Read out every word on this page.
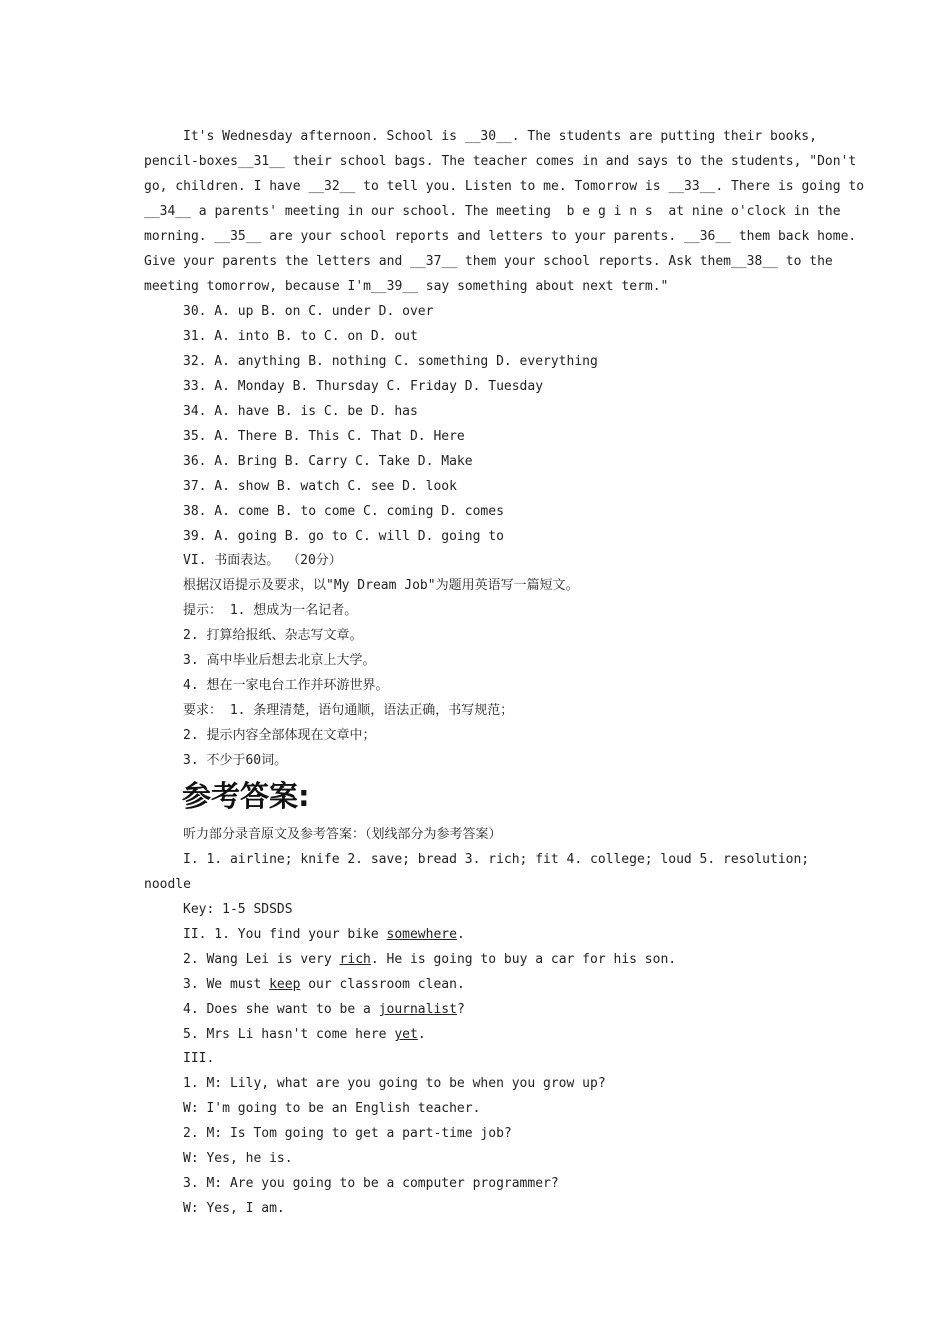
It's Wednesday afternoon. School is __30__. The students are putting their books,
pencil-boxes__31__ their school bags. The teacher comes in and says to the students, "Don't
go, children. I have __32__ to tell you. Listen to me. Tomorrow is __33__. There is going to
__34__ a parents' meeting in our school. The meeting  b e g i n s  at nine o'clock in the
morning. __35__ are your school reports and letters to your parents. __36__ them back home.
Give your parents the letters and __37__ them your school reports. Ask them__38__ to the
meeting tomorrow, because I'm__39__ say something about next term."
30. A. up B. on C. under D. over
31. A. into B. to C. on D. out
32. A. anything B. nothing C. something D. everything
33. A. Monday B. Thursday C. Friday D. Tuesday
34. A. have B. is C. be D. has
35. A. There B. This C. That D. Here
36. A. Bring B. Carry C. Take D. Make
37. A. show B. watch C. see D. look
38. A. come B. to come C. coming D. comes
39. A. going B. go to C. will D. going to
VI. 书面表达。 （20分）
根据汉语提示及要求，以"My Dream Job"为题用英语写一篇短文。
提示： 1. 想成为一名记者。
2. 打算给报纸、杂志写文章。
3. 高中毕业后想去北京上大学。
4. 想在一家电台工作并环游世界。
要求： 1. 条理清楚，语句通顺，语法正确，书写规范；
2. 提示内容全部体现在文章中；
3. 不少于60词。
参考答案:
听力部分录音原文及参考答案：（划线部分为参考答案）
I. 1. airline; knife 2. save; bread 3. rich; fit 4. college; loud 5. resolution;
noodle
Key: 1-5 SDSDS
II. 1. You find your bike somewhere.
2. Wang Lei is very rich. He is going to buy a car for his son.
3. We must keep our classroom clean.
4. Does she want to be a journalist?
5. Mrs Li hasn't come here yet.
III.
1. M: Lily, what are you going to be when you grow up?
W: I'm going to be an English teacher.
2. M: Is Tom going to get a part-time job?
W: Yes, he is.
3. M: Are you going to be a computer programmer?
W: Yes, I am.
